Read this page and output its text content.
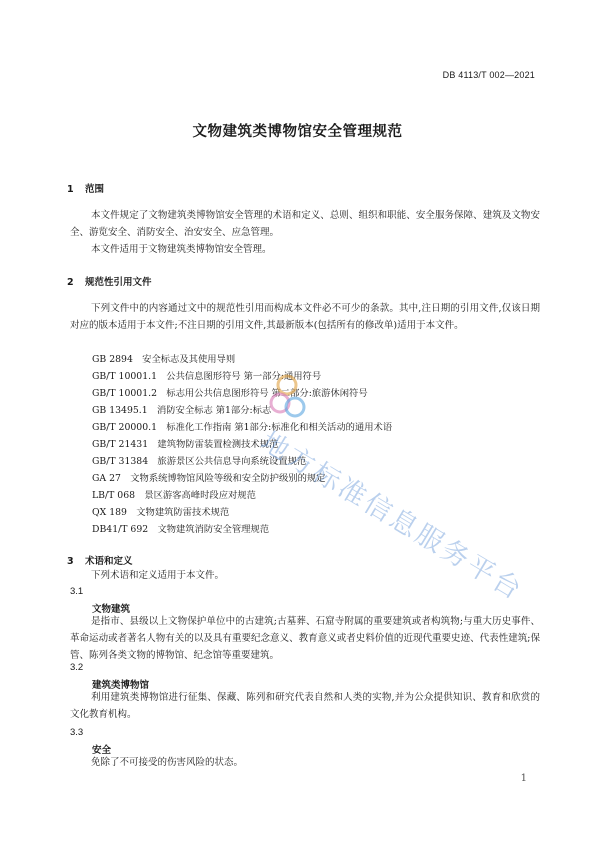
DB 4113/T 002—2021
文物建筑类博物馆安全管理规范
1 范围
本文件规定了文物建筑类博物馆安全管理的术语和定义、总则、组织和职能、安全服务保障、建筑及文物安全、游览安全、消防安全、治安安全、应急管理。
本文件适用于文物建筑类博物馆安全管理。
2 规范性引用文件
下列文件中的内容通过文中的规范性引用而构成本文件必不可少的条款。其中,注日期的引用文件,仅该日期对应的版本适用于本文件;不注日期的引用文件,其最新版本(包括所有的修改单)适用于本文件。
GB 2894　安全标志及其使用导则
GB/T 10001.1　公共信息图形符号 第一部分:通用符号
GB/T 10001.2　标志用公共信息图形符号 第二部分:旅游休闲符号
GB 13495.1　消防安全标志 第1部分:标志
GB/T 20000.1　标准化工作指南 第1部分:标准化和相关活动的通用术语
GB/T 21431　建筑物防雷装置检测技术规范
GB/T 31384　旅游景区公共信息导向系统设置规范
GA 27　文物系统博物馆风险等级和安全防护级别的规定
LB/T 068　景区游客高峰时段应对规范
QX 189　文物建筑防雷技术规范
DB41/T 692　文物建筑消防安全管理规范
3 术语和定义
下列术语和定义适用于本文件。
3.1
文物建筑
是指市、县级以上文物保护单位中的古建筑;古墓葬、石窟寺附属的重要建筑或者构筑物;与重大历史事件、革命运动或者著名人物有关的以及具有重要纪念意义、教育意义或者史料价值的近现代重要史迹、代表性建筑;保管、陈列各类文物的博物馆、纪念馆等重要建筑。
3.2
建筑类博物馆
利用建筑类博物馆进行征集、保藏、陈列和研究代表自然和人类的实物,并为公众提供知识、教育和欣赏的文化教育机构。
3.3
安全
免除了不可接受的伤害风险的状态。
1
地方标准信息服务平台
